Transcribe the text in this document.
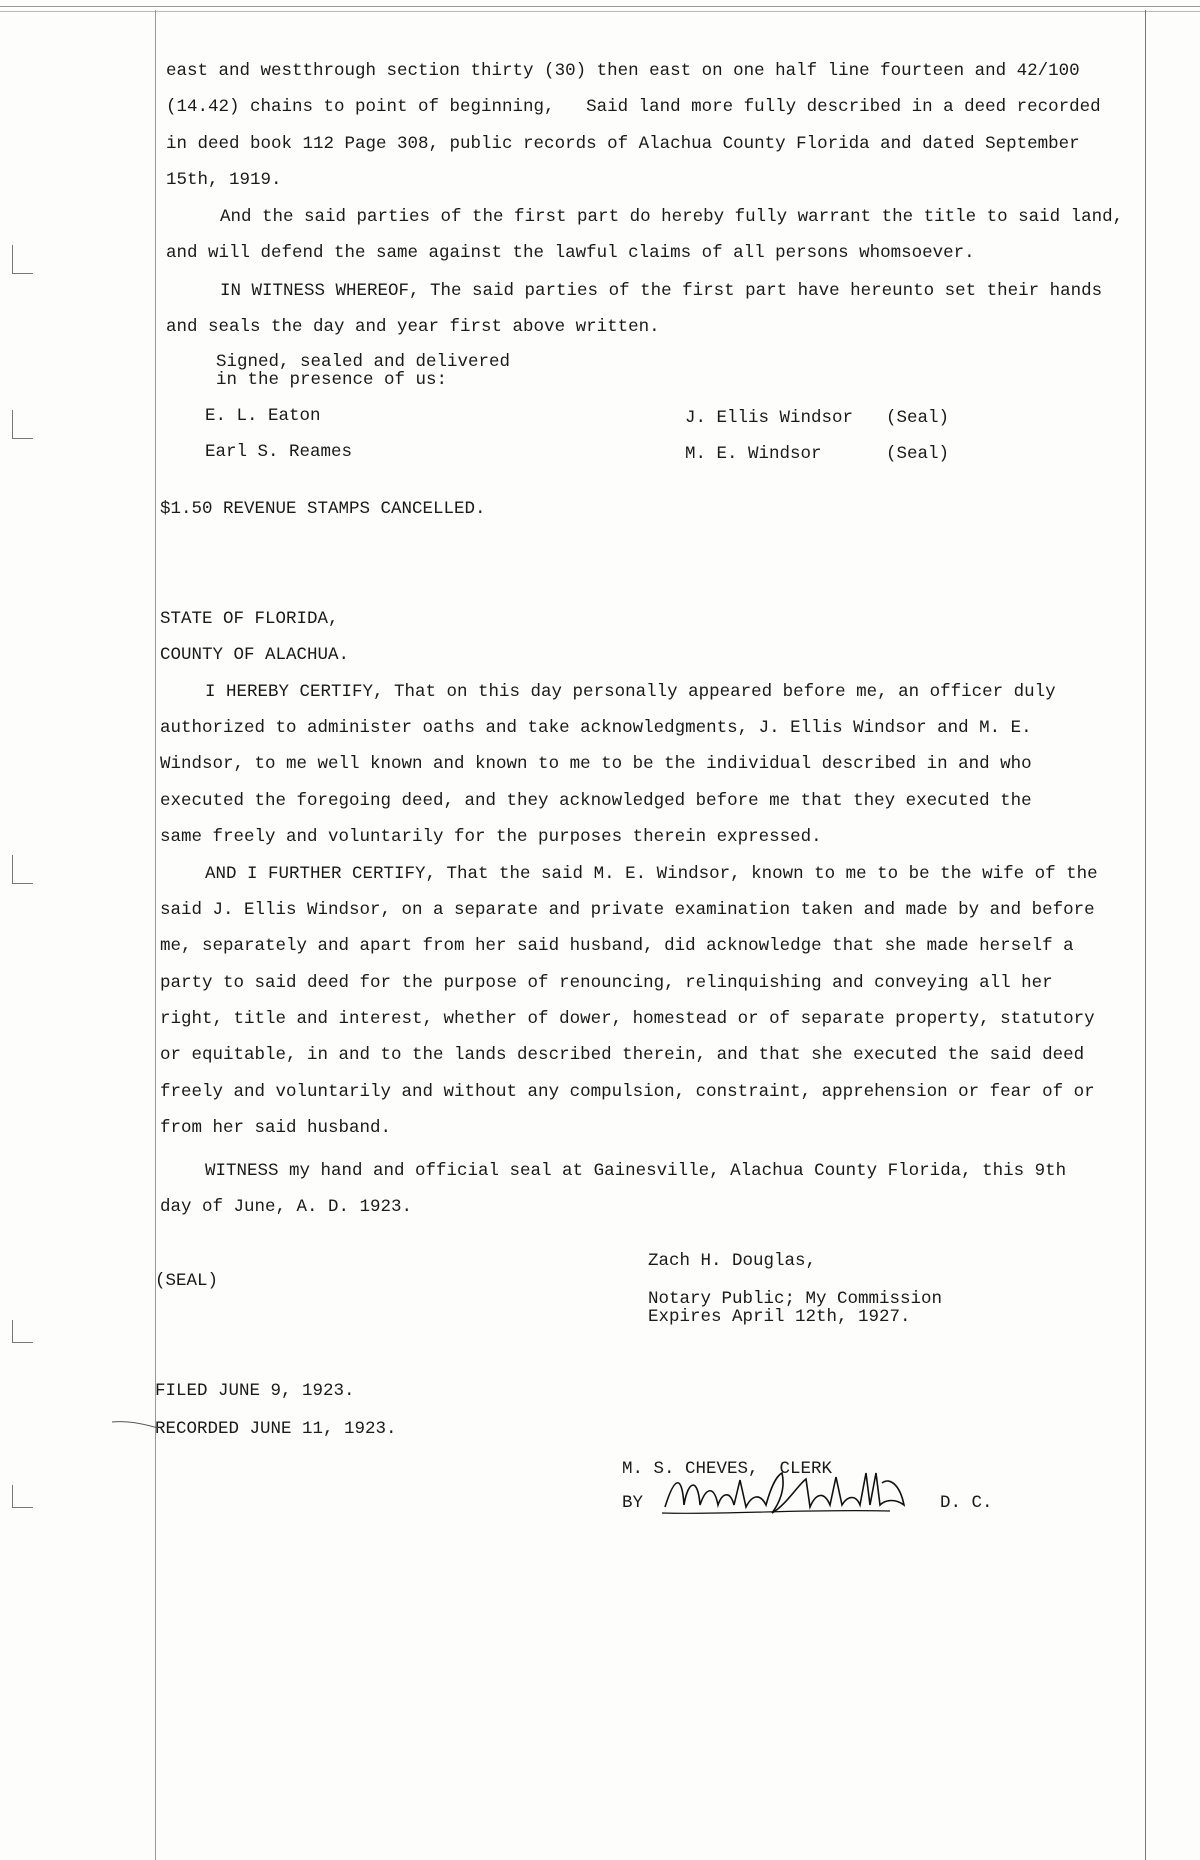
east and westthrough section thirty (30) then east on one half line fourteen and 42/100
(14.42) chains to point of beginning,   Said land more fully described in a deed recorded
in deed book 112 Page 308, public records of Alachua County Florida and dated September
15th, 1919.
And the said parties of the first part do hereby fully warrant the title to said land,
and will defend the same against the lawful claims of all persons whomsoever.
IN WITNESS WHEREOF, The said parties of the first part have hereunto set their hands
and seals the day and year first above written.
Signed, sealed and delivered
in the presence of us:
E. L. Eaton
Earl S. Reames
J. Ellis Windsor (Seal)
M. E. Windsor	(Seal)
$1.50 REVENUE STAMPS CANCELLED.
STATE OF FLORIDA,
COUNTY OF ALACHUA.
I HEREBY CERTIFY, That on this day personally appeared before me, an officer duly
authorized to administer oaths and take acknowledgments, J. Ellis Windsor and M. E.
Windsor, to me well known and known to me to be the individual described in and who
executed the foregoing deed, and they acknowledged before me that they executed the
same freely and voluntarily for the purposes therein expressed.
AND I FURTHER CERTIFY, That the said M. E. Windsor, known to me to be the wife of the
said J. Ellis Windsor, on a separate and private examination taken and made by and before
me, separately and apart from her said husband, did acknowledge that she made herself a
party to said deed for the purpose of renouncing, relinquishing and conveying all her
right, title and interest, whether of dower, homestead or of separate property, statutory
or equitable, in and to the lands described therein, and that she executed the said deed
freely and voluntarily and without any compulsion, constraint, apprehension or fear of or
from her said husband.
WITNESS my hand and official seal at Gainesville, Alachua County Florida, this 9th
day of June, A. D. 1923.
Zach H. Douglas,
Notary Public; My Commission
Expires April 12th, 1927.
(SEAL)
FILED JUNE 9, 1923.
RECORDED JUNE 11, 1923.
M. S. CHEVES,  CLERK
BY	D. C.
